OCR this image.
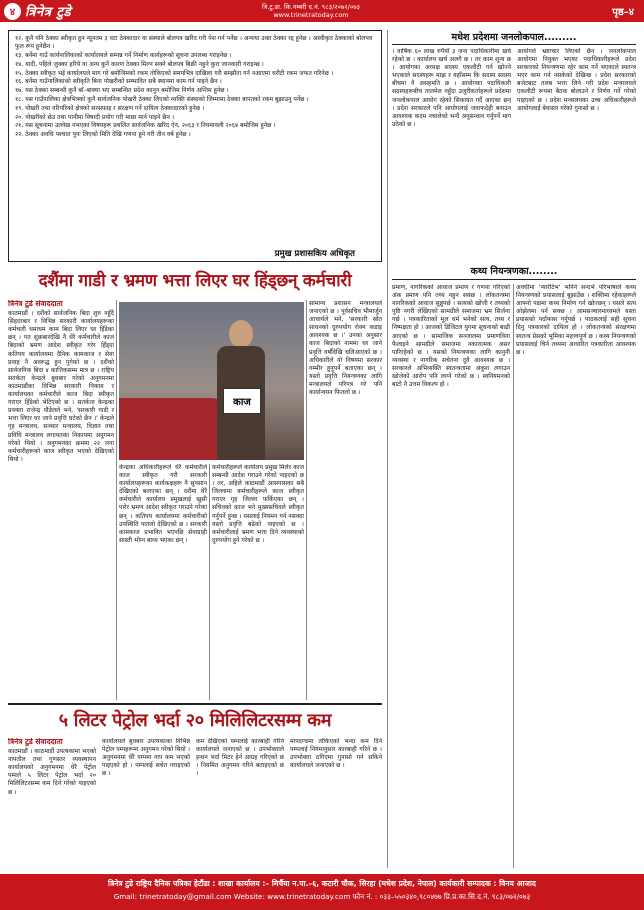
४ त्रिनेत्र टुडे	त्रि.टु.डा. कि.नम्बरी द.नं. ९८३/२०७२/०७३
www.trinetratoday.com	पृष्ठ–४
१२. कुनै पनि ठेक्का स्वीकृत हुन न्यूनतम ३ वटा ठेक्कादार वा संस्थाले बोलपत्र खरिद गरी पेश गर्न पर्नेछ । अन्यथा उक्त ठेक्का रद्द हुनेछ । अस्वीकृत ठेक्काको बोलपत्र फुल रूप हुनेछैन ।
१३. बर्नेमा गाउँ कार्यपालिकाको कार्यालयले सम्पन्न गर्ने निर्माण कार्यहरूको सूचना उपलब्ध गराइनेछ ।
१४. यादी, पहिले जुक्का हरिये वा अन्य कुनै कारण ठेक्का मिल्न सक्ने बोलपत्र बिक्री नहुने कुरा जानकारी गराइन्छ ।
१५. ठेक्का स्वीकृत भई कार्यालयले माग गरे बमोजिमको रकम तोकिएको समयभित्र दाखिला गरी सम्झौता गर्न नआएमा धरौटी रकम जफत गरिनेछ ।
१६. बर्नेमा गाउँपालिकाको स्वीकृति बिना पोखरीको सम्भावित सबै स्थानमा काम गर्न पाइने छैन ।
१७. यस ठेक्का सम्बन्धी कुनै बाँ–बाक्या भए सम्बन्धित प्रदेश कानुन बमोजिम निर्णय अन्तिम हुनेछ ।
१८. यस गाउँपालिका क्षेत्रभित्रको कुनै सार्वजनिक पोखरी ठेक्का लिएको व्यक्ति संस्थाको जिम्मामा ठेक्का बापतको रकम बुझाउनु पर्नेछ ।
१९. पोखरी तथा वरिपरिको क्षेत्रको सरसफाइ र संरक्षण गर्ने दायित्व ठेक्कादारको हुनेछ ।
२०. पोखरीको छेउ तथा पानीमा विषादी प्रयोग गरी माछा मार्न पाइने छैन ।
२१. यस सूचनामा उल्लेख नभएका विषयहरू प्रचलित सार्वजनिक खरिद ऐन, २०६३ र नियमावली २०६४ बमोजिम हुनेछ ।
२२. ठेक्का अवधि पश्चात पुनः लिएको मिति देखि गणना हुने गरी तीन वर्ष हुनेछ ।
प्रमुख प्रशासकिय अधिकृत
मधेश प्रदेशमा जनलोकपाल.........
। वार्षिक ६० लाख रुपैयाँ ३ जना पदाधिकारीमा खर्च रहेको छ । कार्यालय खर्च अलगै छ । तर काम शून्य छ । आयोगका अध्यक्ष सदस्य एकलौटी गर्न खोज्ने भएकाले सदस्यहरू माझ र यहाँसम्म कि सदस्य सदस्य बीचमा नै असहमति छ । आयोगका पदाधिकारी सदस्यहरूबीच तालमेल नहुँदा उजुरीकर्ताहरूले प्रदेशमा जनलोकपाल आयोग रहेको सिकायत गर्दै आएका छन् । प्रदेश सरकारले पनि आयोगलाई जवाफदेही बनाउन आवश्यक कदम नचालेको भन्दै अनुसन्धान गर्नुपर्ने माग उठेको छ ।
आयोगले भ्रष्टाचार लिएको छैन । जनलोकपाल आयोगमा नियुक्त भएका पदाधिकारीहरूले प्रदेश सरकारको नियन्त्रणमा रहेर काम गर्ने भएकाले स्वतन्त्र भएर काम गर्न नसकेको देखिन्छ । प्रदेश सरकारको बजेटबाट तलब भत्ता लिने गरी प्रदेश मन्त्रालयले एकलौटी रूपमा बैठक बोलाउने र निर्णय गर्ने गरेको पाइएको छ । प्रदेश मन्त्रालयका उच्च अधिकारीहरूले आयोगलाई बेवास्ता गरेको गुनासो छ ।
दशैंमा गाडी र भ्रमण भत्ता लिएर घर हिंड्छन् कर्मचारी
त्रिनेत्र टुडे संवाददाता
काठमाडौं । दशैंको सार्वजनिक बिदा शुरु नहुँदै सिंहदरबार र विभिन्न सरकारी कार्यालयहरूका कर्मचारी धमाधम काम बिदा लिएर घर हिँडेका छन् । गत शुक्रबारदेखि नै धेरै कर्मचारीले काज बिदाको भ्रमण आदेश स्वीकृत गरेर हिँड्दा कतिपय कार्यालयमा दैनिक कामकाज र सेवा प्रवाह नै अवरुद्ध हुन पुगेको छ । दशैंको सार्वजनिक बिदा ४ कात्तिकसम्म मात्र छ । राष्ट्रिय सतर्कता केन्द्रले बुधबार गरेको अनुगमनमा काठमाडौंका विभिन्न सरकारी निकाय र कार्यालयका कर्मचारीले काज बिदा स्वीकृत गराएर हिँडेको भेटिएको छ । सतर्कता केन्द्रका प्रवक्ता राजेन्द्र पौडेलले भने, 'सरकारी गाडी र भत्ता लिएर घर जाने प्रवृत्ति घटेको छैन ।' केन्द्रले गृह मन्त्रालय, सञ्चार मन्त्रालय, विज्ञान तथा प्रविधि मन्त्रालय लगायतका निकायमा अनुगमन गरेको थियो । अनुगमनका क्रममा २२ जना कर्मचारीहरूको काज स्वीकृत भएको देखिएको थियो ।
काज
केन्द्रका अधिकारीहरूले धेरै कर्मचारीले काज स्वीकृत गरी सरकारी कार्यालयहरूका कार्यकक्षहरू नै सुनसान देखिएको बताएका छन् । दशैंमा धेरै कर्मचारीले कार्यालय प्रमुखलाई खुसी पारेर भ्रमण आदेश स्वीकृत गराउने गरेका छन् । कतिपय कार्यालयमा कर्मचारीको उपस्थिति पातलो देखिएको छ । सरकारी कामकाज प्रभावित भएपछि सेवाग्राही सास्ती भोग्न बाध्य भएका छन् ।
कर्मचारीहरूले कार्यालय प्रमुख मिलेर काज सम्बन्धी आदेश गराउने गरेको पाइएको छ । तर, अहिले काठमाडौं आसपासका सबै जिल्लामा कर्मचारीहरूले काज स्वीकृत गराएर गृह जिल्ला फर्किएका छन् । सचिवको काज भने मुख्यसचिवले स्वीकृत गर्नुपर्ने हुन्छ । यसलाई नियमन गर्न नसक्दा यस्तो प्रवृत्ति बढेको पाइएको छ । कर्मचारीलाई भ्रमण भत्ता दिने व्यवस्थाको दुरुपयोग हुने गरेको छ ।
सामान्य प्रशासन मन्त्रालयले जनाएको छ । पूर्वसचिव भीमार्जुन आचार्यले भने, 'सरकारी स्रोत साधनको दुरुपयोग रोक्न कडाइ आवश्यक छ ।' उनका अनुसार काज बिदाको नाममा घर जाने प्रवृत्ति वर्षौंदेखि चलिआएको छ । अधिकारीले यो विषयमा सरकार गम्भीर हुनुपर्ने बताएका छन् । यस्तो प्रवृत्ति नियन्त्रणका लागि मन्त्रालयले परिपत्र गरे पनि कार्यान्वयन फितलो छ ।
कथ्य नियन्त्रणका........
प्रमाण, नागरिकको आवाज प्रमाण र गणना गरिएको अंक प्रमाण पनि तथ्य नहुन सक्छ । लोकतन्त्रमा नागरिकको आवाज सुन्नुपर्छ । सत्यको खोजी र तथ्यको पुष्टि नगरी लेखिएको सामग्रीले समाजमा भ्रम सिर्जना गर्छ । पत्रकारिताको मूल धर्म भनेको सत्य, तथ्य र निष्पक्षता हो । आजको डिजिटल युगमा सूचनाको बाढी आएको छ । सामाजिक सञ्जालमा प्रमाणविना फैलाइने सामग्रीले समाजमा नकारात्मक असर पारिरहेको छ । यसको नियन्त्रणका लागि कानुनी व्यवस्था र नागरिक सचेतना दुवै आवश्यक छ । सरकारले अभिव्यक्ति स्वतन्त्रतामा अंकुश लगाउन खोजेको आरोप पनि लाग्ने गरेको छ । स्वनियमनको बाटो नै उत्तम विकल्प हो ।
अवधीमा 'न्यारेटिभ' भनिने सन्दर्भ परिभाषाले कथ्य नियन्त्रणको प्रयासलाई बुझाउँछ । शक्तिमा रहेकाहरूले आफ्नो पक्षमा कथ्य निर्माण गर्न खोज्छन् । यसले सत्य ओझेलमा पर्न सक्छ । आमसञ्चारमाध्यमले यस्ता प्रयासको पर्दाफास गर्नुपर्छ । पाठकलाई सही सूचना दिनु पत्रकारको दायित्व हो । लोकतन्त्रको संरक्षणमा स्वतन्त्र प्रेसको भूमिका महत्त्वपूर्ण छ । कथ्य नियन्त्रणको प्रयासलाई चिर्न तथ्यमा आधारित पत्रकारिता आवश्यक छ ।
५ लिटर पेट्रोल भर्दा २० मिलिलिटरसम्म कम
त्रिनेत्र टुडे संवाददाता
काठमाडौं । काठमाडौं उपत्यकामा भएको नापतौल तथा गुणस्तर व्यवस्थापन कार्यालयको अनुगमनमा धेरै पेट्रोल पम्पले ५ लिटर पेट्रोल भर्दा २० मिलिलिटरसम्म कम दिने गरेको पाइएको छ ।
कार्यालयले बुधबार उपत्यकाका विभिन्न पेट्रोल पम्पहरूमा अनुगमन गरेको थियो । अनुगमनमा धेरै पम्पमा नाप कम भएको पाइएको हो । पम्पलाई सचेत गराइएको छ ।
कम देखिएको पम्पलाई कारबाही गरिने कार्यालयले जनाएको छ । उपभोक्ताले इन्धन भर्दा मिटर हेर्न आग्रह गरिएको छ । नियमित अनुगमन गरिने बताइएको छ ।
मापदण्डमा तोकिएको भन्दा कम दिने पम्पलाई नियमानुसार कारबाही गरिने छ । उपभोक्ता ठगिएमा गुनासो गर्न सकिने कार्यालयले जनाएको छ ।
त्रिनेत्र टुडे राष्ट्रिय दैनिक पत्रिका हेटौंडा : शाखा कार्यालय :– मिर्चैया न.पा.–६, कटारी चौक, सिरहा (मधेश प्रदेश, नेपाल) कार्यकारी सम्पादक : विनय आजाद
Gmail: trinetratoday@gmail.com Website: www.trinetratoday.com फोन नं. : ०३३–५५०३४०,९८०४७७ प्रि.प्र.का.सि.द.नं. ९८३/०७२/०७३
